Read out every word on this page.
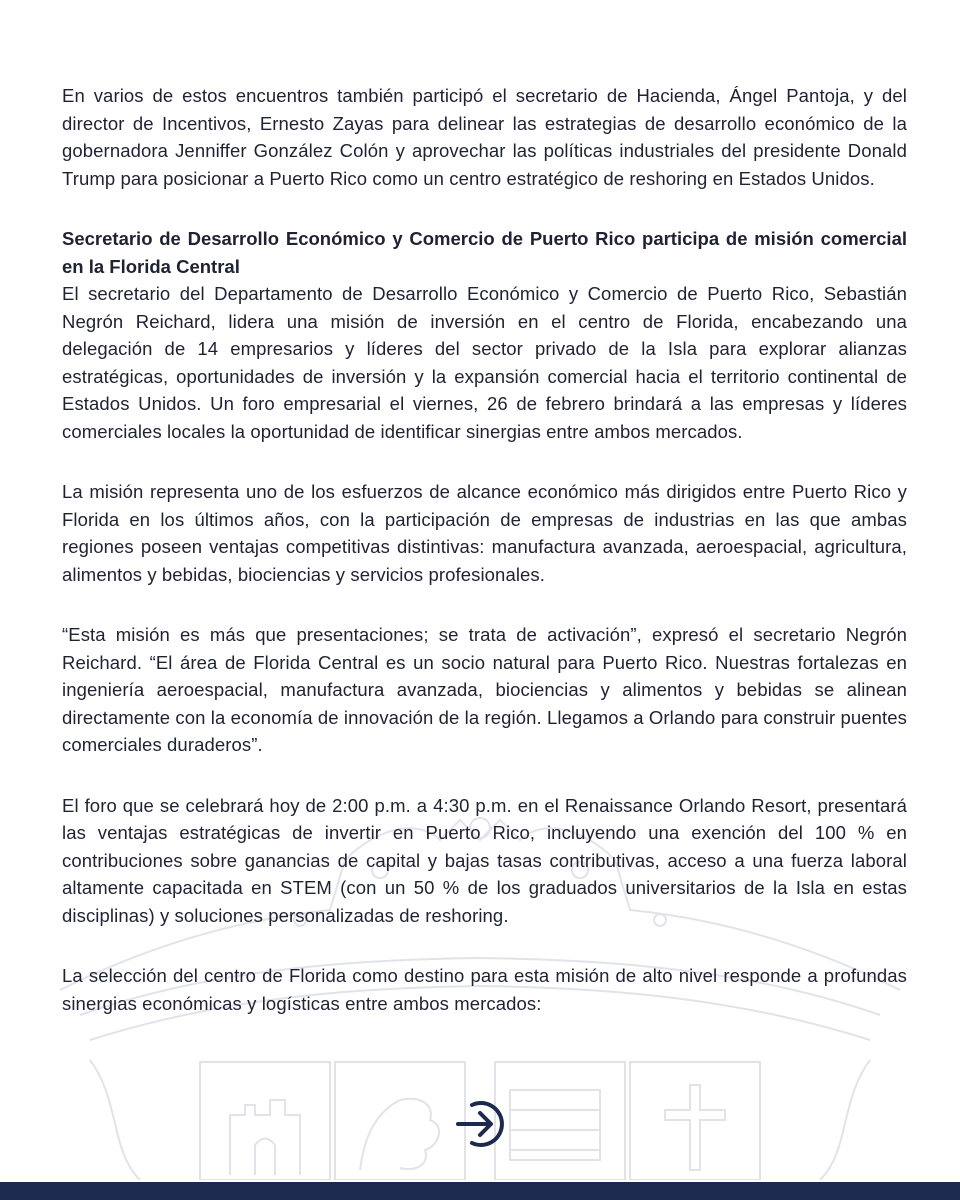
En varios de estos encuentros también participó el secretario de Hacienda, Ángel Pantoja, y del director de Incentivos, Ernesto Zayas para delinear las estrategias de desarrollo económico de la gobernadora Jenniffer González Colón y aprovechar las políticas industriales del presidente Donald Trump para posicionar a Puerto Rico como un centro estratégico de reshoring en Estados Unidos.

Secretario de Desarrollo Económico y Comercio de Puerto Rico participa de misión comercial en la Florida Central

El secretario del Departamento de Desarrollo Económico y Comercio de Puerto Rico, Sebastián Negrón Reichard, lidera una misión de inversión en el centro de Florida, encabezando una delegación de 14 empresarios y líderes del sector privado de la Isla para explorar alianzas estratégicas, oportunidades de inversión y la expansión comercial hacia el territorio continental de Estados Unidos. Un foro empresarial el viernes, 26 de febrero brindará a las empresas y líderes comerciales locales la oportunidad de identificar sinergias entre ambos mercados.

La misión representa uno de los esfuerzos de alcance económico más dirigidos entre Puerto Rico y Florida en los últimos años, con la participación de empresas de industrias en las que ambas regiones poseen ventajas competitivas distintivas: manufactura avanzada, aeroespacial, agricultura, alimentos y bebidas, biociencias y servicios profesionales.

“Esta misión es más que presentaciones; se trata de activación”, expresó el secretario Negrón Reichard. “El área de Florida Central es un socio natural para Puerto Rico. Nuestras fortalezas en ingeniería aeroespacial, manufactura avanzada, biociencias y alimentos y bebidas se alinean directamente con la economía de innovación de la región. Llegamos a Orlando para construir puentes comerciales duraderos”.

El foro que se celebrará hoy de 2:00 p.m. a 4:30 p.m. en el Renaissance Orlando Resort, presentará las ventajas estratégicas de invertir en Puerto Rico, incluyendo una exención del 100 % en contribuciones sobre ganancias de capital y bajas tasas contributivas, acceso a una fuerza laboral altamente capacitada en STEM (con un 50 % de los graduados universitarios de la Isla en estas disciplinas) y soluciones personalizadas de reshoring.

La selección del centro de Florida como destino para esta misión de alto nivel responde a profundas sinergias económicas y logísticas entre ambos mercados:
